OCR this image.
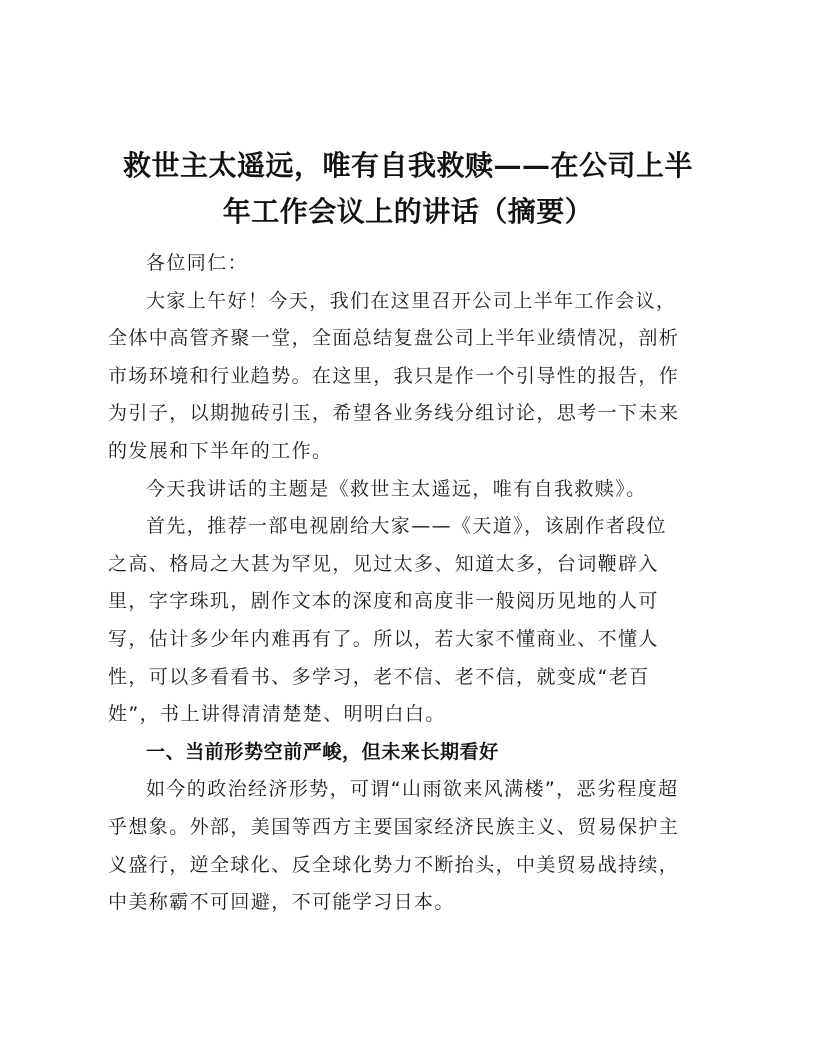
救世主太遥远，唯有自我救赎——在公司上半
年工作会议上的讲话（摘要）
各位同仁：
大家上午好！今天，我们在这里召开公司上半年工作会议，
全体中高管齐聚一堂，全面总结复盘公司上半年业绩情况，剖析
市场环境和行业趋势。在这里，我只是作一个引导性的报告，作
为引子，以期抛砖引玉，希望各业务线分组讨论，思考一下未来
的发展和下半年的工作。
今天我讲话的主题是《救世主太遥远，唯有自我救赎》。
首先，推荐一部电视剧给大家——《天道》，该剧作者段位
之高、格局之大甚为罕见，见过太多、知道太多，台词鞭辟入
里，字字珠玑，剧作文本的深度和高度非一般阅历见地的人可
写，估计多少年内难再有了。所以，若大家不懂商业、不懂人
性，可以多看看书、多学习，老不信、老不信，就变成“老百
姓”，书上讲得清清楚楚、明明白白。
一、当前形势空前严峻，但未来长期看好
如今的政治经济形势，可谓“山雨欲来风满楼”，恶劣程度超
乎想象。外部，美国等西方主要国家经济民族主义、贸易保护主
义盛行，逆全球化、反全球化势力不断抬头，中美贸易战持续，
中美称霸不可回避，不可能学习日本。
